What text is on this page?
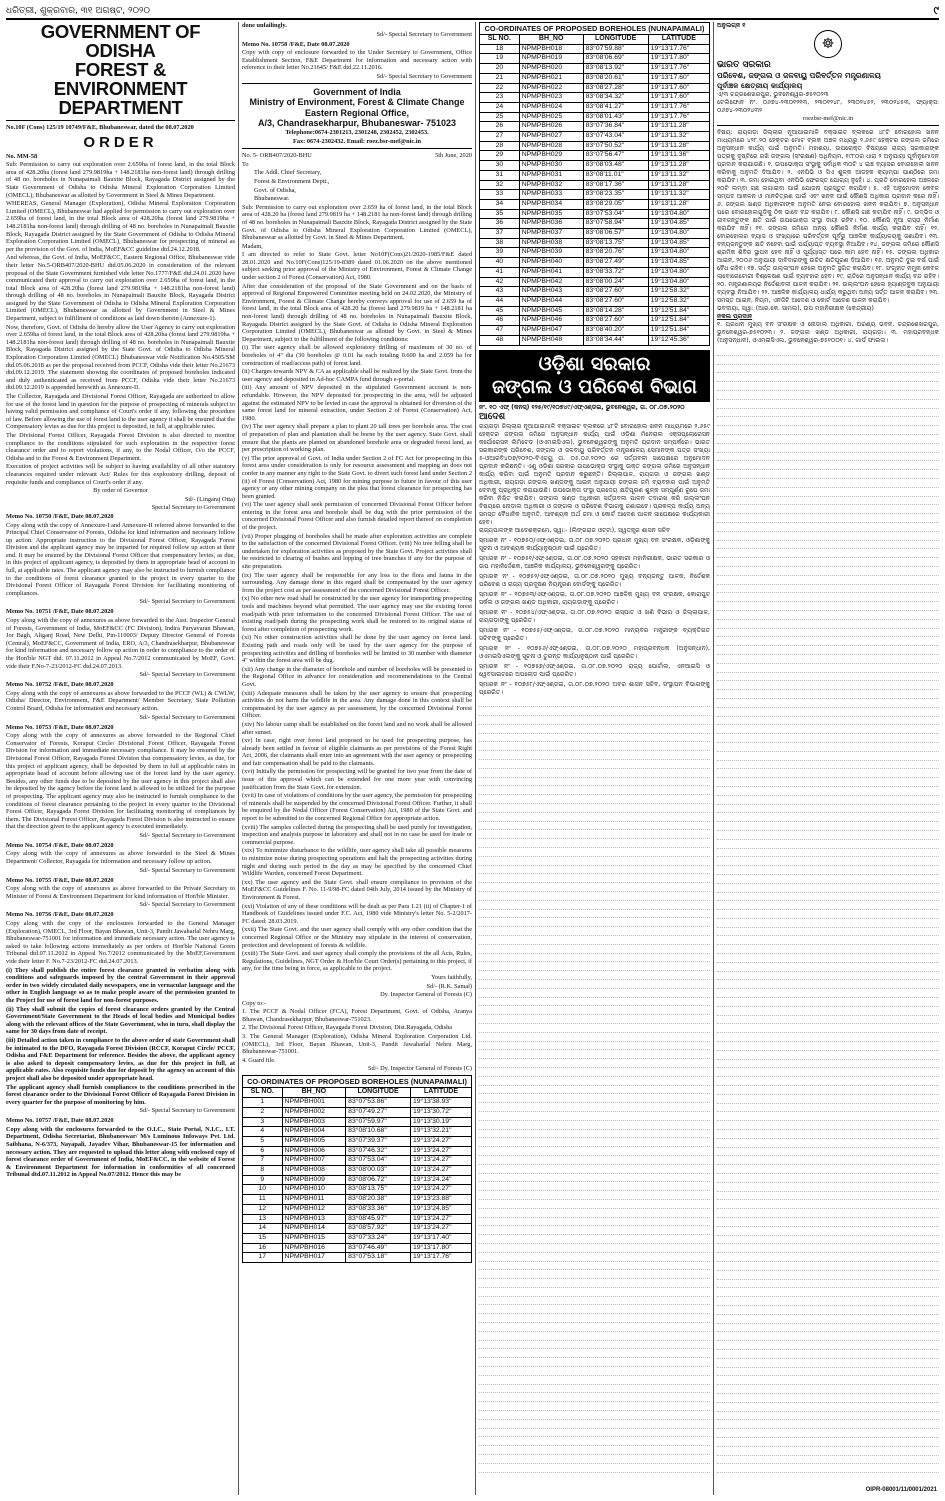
ଧରିତ୍ରୀ, ଶୁକ୍ରବାର, ୩୧ ଅଗଷ୍ଟ, ୨୦୨୦	୯
GOVERNMENT OF ODISHA
FOREST & ENVIRONMENT
DEPARTMENT

No.10F (Cons) 125/19 10749/F&E, Bhubaneswar, dated the 08.07.2020

ORDER

No. MM-58

Sub: Permission to carry out exploration over 2.659ha of forest land, in the total Block area of 428.20ha (forest land 279.9819ha + 148.2181ha non-forest land) through drilling of 48 no. boreholes in Nunapaimali Bauxite Block, Rayagada District assigned by the State Government of Odisha to Odisha Mineral Exploration Corporation Limited (OMECL), Bhubaneswar as allotted by Government in Steel & Mines Department.

WHEREAS, General Manager (Exploration), Odisha Mineral Exploration Corporation Limited (OMECL), Bhubaneswar had applied for permission to carry out exploration over 2.659ha of forest land, in the total Block area of 428.20ha (forest land 279.9819ha + 148.2181ha non-forest land) through drilling of 48 no. boreholes in Nunapaimali Bauxite Block, Rayagada District assigned by the State Government of Odisha to Odisha Mineral Exploration Corporation Limited (OMECL), Bhubaneswar for prospecting of mineral as per the provision of the Govt. of India, MoEF&CC guideline dtd.24.12.2018.

And whereas, the Govt. of India, MoEF&CC, Eastern Regional Office, Bhubaneswar vide their letter No.5-ORB407/2020-BHU dtd.05.06.2020 in consideration of the relevant proposal of the State Government furnished vide letter No.1777/F&E dtd.24.01.2020 have communicated their approval to carry out exploration over 2.659ha of forest land, in the total Block area of 428.20ha (forest land 279.9819ha + 148.2181ha non-forest land) through drilling of 48 no. boreholes in Nunapaimali Bauxite Block, Rayagada District assigned by the State Government of Odisha to Odisha Mineral Exploration Corporation Limited (OMECL), Bhubaneswar as allotted by Government in Steel & Mines Department, subject to fulfillment of conditions as laid down therein (Annexure-1).

Now, therefore, Govt. of Odisha do hereby allow the User Agency to carry out exploration over 2.659ha of forest land, in the total Block area of 428.20ha (forest land 279.9819ha + 148.2181ha non-forest land) through drilling of 48 no. boreholes in Nunapaimali Bauxite Block, Rayagada District assigned by the State Govt. of Odisha to Odisha Mineral Exploration Corporation Limited (OMECL) Bhubaneswar vide Notification No.4505/SM dtd.05.06.2018 as per the proposal received from PCCF, Odisha vide their letter No.21673 dtd.09.12.2019. The statement showing the coordinates of proposed boreholes indicated and duly authenticated as received from PCCF, Odisha vide their letter No.21673 dtd.09.12.2019 is appended herewith as Annexure-II.

The Collector, Rayagada and Divisional Forest Officer, Rayagada are authorized to allow for use of the forest land in question for the purpose of prospecting of minerals subject to having valid permission and compliance of Court's order if any, following due procedure of law. Before allowing the use of forest land to the user agency it shall be ensured that the Compensatory levies as due for this project is deposited, in full, at applicable rates.

The Divisional Forest Officer, Rayagada Forest Division is also directed to monitor compliance to the conditions stipulated for such exploration in the respective forest clearance order and to report violations, if any, to the Nodal Officer, O/o the PCCF, Odisha and to the Forest & Environment Department.

Execution of project activities will be subject to having availability of all other statutory clearances required under relevant Act/ Rules for this exploratory drilling, deposit of requisite funds and compliance of Court's order if any.

By order of Governor

Sd/- (Lingaraj Otta)

Special Secretary to Government

Memo No. 10750 /F&E, Date 08.07.2020

Copy along with the copy of Annexure-I and Annexure-II referred above forwarded to the Principal Chief Conservator of Forests, Odisha for kind information and necessary follow up action. Appropriate instruction to the Divisional Forest Officer, Rayagada Forest Division and the applicant agency may be imparted for required follow up action at their end. It may be ensured by the Divisional Forest Officer that compensatory levies, as due, in this project of applicant agency, is deposited by them in appropriate head of account in full, at applicable rates. The applicant agency may also be instructed to furnish compliance to the conditions of forest clearance granted to the project in every quarter to the Divisional Forest Officer of Rayagada Forest Division for facilitating monitoring of compliances.

Sd/- Special Secretary to Government

Memo No. 10751 /F&E, Date 08.07.2020

Copy along with the copy of annexures as above forwarded to the Asst. Inspector General of Forests, Government of India, MoEF&CC (FC Division), Indira Paryavaran Bhawan, Jor Bagh, Aliganj Road, New Delhi, Pin-110003/ Deputy Director General of Forests (Central), MoEF&CC, Government of India, ERO, A/3, Chandrasekharpur, Bhubaneswar for kind information and necessary follow up action in order to compliance to the order of the Hon'ble NGT dtd. 07.11.2012 in Appeal No.7/2012 communicated by MoEF, Govt. vide their F.No-7-23/2012-FC dtd.24.07.2013.

Sd/- Special Secretary to Government

Memo No. 10752 /F&E, Date 08.07.2020

Copy along with the copy of annexures as above forwarded to the PCCF (WL) & CWLW, Odisha/ Director, Environment, F&E Department/ Member Secretary, State Pollution Control Board, Odisha for information and necessary action.

Sd/- Special Secretary to Government

Memo No. 10753 /F&E, Date 08.07.2020

Copy along with the copy of annexures as above forwarded to the Regional Chief Conservator of Forests, Koraput Circle/ Divisional Forest Officer, Rayagada Forest Division for information and immediate necessary compliance. It may be ensured by the Divisional Forest Officer, Rayagada Forest Division that compensatory levies, as due, for this project of applicant agency, shall be deposited by them in full at applicable rates in appropriate head of account before allowing use of the forest land by the user agency. Besides, any other funds due to be deposited by the user agency in this project shall also be deposited by the agency before the forest land is allowed to be utilized for the purpose of prospecting. The applicant agency may also be instructed to furnish compliance to the conditions of forest clearance pertaining to the project in every quarter to the Divisional Forest Officer, Rayagada Forest Division for facilitating monitoring of compliances by them. The Divisional Forest Officer, Rayagada Forest Division is also instructed to ensure that the direction given to the applicant agency is executed immediately.

Sd/- Special Secretary to Government

Memo No. 10754 /F&E, Date 08.07.2020

Copy along with the copy of annexures as above forwarded to the Steel & Mines Department/ Collector, Rayagada for information and necessary follow up action.

Sd/- Special Secretary to Government

Memo No. 10755 /F&E, Date 08.07.2020

Copy along with the copy of annexures as above forwarded to the Private Secretary to Minister of Forest & Environment Department for kind information of Hon'ble Minister.

Sd/- Special Secretary to Government

Memo No. 10756 /F&E, Date 08.07.2020

Copy along with the copy of the enclosures forwarded to the General Manager (Exploration), OMECL, 3rd Floor, Bayan Bhawan, Unit-3, Pandit Jawaharlal Nehru Marg, Bhubaneswar-751001 for information and immediate necessary action. The user agency is asked to take following actions immediately as per orders of Hon'ble National Green Tribunal dtd.07.11.2012 in Appeal No.7/2012 communicated by the MoEF,Government vide their letter F. No.7-23/2012-FC dtd.24.07.2013.

(i) They shall publish the entire forest clearance granted in verbatim along with conditions and safeguards imposed by the central Government in their approval order in two widely circulated daily newspapers, one in vernacular language and the other in English language so as to make people aware of the permission granted to the Project for use of forest land for non-forest purposes.

(ii) They shall submit the copies of forest clearance orders granted by the Central Government/State Government to the Heads of local bodies and Municipal bodies along with the relevant offices of the State Government, who in turn, shall display the same for 30 days from date of receipt.

(iii) Detailed action taken in compliance to the above order of state Government shall be intimated to the DFO, Rayagada Forest Division (RCCF, Koraput Circle/ PCCF, Odisha and F&E Department for reference. Besides the above, the applicant agency is also asked to deposit compensatory levies, as due for this project in full, at applicable rates. Also requisite funds due for deposit by the agency on account of this project shall also be deposited under appropriate head.

The applicant agency shall furnish compliances to the conditions prescribed in the forest clearance order to the Divisional Forest Officer of Rayagada Forest Division in every quarter for the purpose of monitoring by him.

Sd/- Special Secretary to Government

Memo No. 10757 /F&E, Date 08.07.2020

Copy along with the enclosures forwarded to the O.I.C., State Portal, N.I.C., I.T. Department, Odisha Secretariat, Bhubaneswar/ M/s Luminous Infoways Pvt. Ltd. Saibhana, N-6/373, Nayapali, Jayadev Vihar, Bhubaneswar-15 for information and necessary action. They are requested to upload this letter along with enclosed copy of forest clearance order of Government of India, MoEF&CC, in the website of Forest & Environment Department for information in conformities of all concerned Tribunal dtd.07.11.2012 in Appeal No.07/2012. Hence this may be

done unfailingly.

Sd/- Special Secretary to Government

Memo No. 10758 /F&E, Date 08.07.2020

Copy with copy of enclosure forwarded to the Under Secretary to Government, Office Establishment Section, F&E Department for information and necessary action with reference to their letter No.21645/ F&E dtd.22.11.2016.

Sd/- Special Secretary to Government

Government of India
Ministry of Environment, Forest & Climate Change
Eastern Regional Office,
A/3, Chandrasekharpur, Bhubaneswar- 751023

Telephone:0674-2301213, 2301248, 2302452, 2302453.

Fax: 0674-2302432. Email: roez.bsr-mef@nic.in

No. 5- ORB407/2020-BHU	5th June, 2020

To

The Addl. Chief Secretary,

Forest & Environment Deptt.,

Govt. of Odisha,

Bhubaneswar.

Sub: Permission to carry out exploration over 2.659 ha of forest land, in the total Block area of 428.20 ha (forest land 279.9819 ha + 148.2181 ha non-forest land) through drilling of 48 no. boreholes in Nunapaimali Bauxite Block, Rayagada District assigned by the State Govt. of Odisha to Odisha Mineral Exploration Corporation Limited (OMECL), Bhubaneswar as allotted by Govt. in Steel & Mines Department.

Madam,

I am directed to refer to State Govt. letter No10F(Cons)21/2020-1985/F&E dated 28.01.2020 and No.10F(Cons)125/19-8389 dated 01.06.2020 on the above mentioned subject seeking prior approval of the Ministry of Environment, Forest & Climate Change under section 2 of Forest (Conservation) Act, 1980.

After due consideration of the proposal of the State Government and on the basis of approval of Regional Empowered Committee meeting held on 24.02.2020, the Ministry of Environment, Forest & Climate Change hereby conveys approval for use of 2.659 ha of forest land, in the total Block area of 428.20 ha (forest land 279.9819 ha + 148.2181 ha non-forest land) through drilling of 48 no. boreholes in Nunapaimali Bauxite Block, Rayagada District assigned by the State Govt. of Odisha to Odisha Mineral Exploration Corporation Limited (OMECL), Bhubaneswar as allotted by Govt. in Steel & Mines Department, subject to the fulfillment of the following conditions:

(i) The user agency shall be allowed exploratory drilling of maximum of 30 no. of boreholes of 4" dia (30 boreholes @ 0.01 ha each totaling 0.600 ha and 2.059 ha for construction of road/access path) of forest land.

(ii) Charges towards NPV & CA as applicable shall be realized by the State Govt. from the user agency and deposited in Ad-hoc CAMPA fund through e-portal.

(iii) Any amount of NPV deposited in the stipulated Government account is non-refundable. However, the NPV deposited for prospecting in the area, will be adjusted against the estimated NPV to be levied in case the approval is obtained for diversion of the same forest land for mineral extraction, under Section 2 of Forest (Conservation) Act, 1980.

(iv) The user agency shall prepare a plan to plant 20 tall trees per borehole area. The cost of preparation of plan and plantation shall be borne by the user agency. State Govt. shall ensure that the plants are planted on abandoned borehole area or degraded forest land, as per prescription of working plan.

(v) The prior approval of Govt. of India under Section 2 of FC Act for prospecting in this forest area under consideration is only for resource assessment and mapping an does not confer in any manner any right to the State Govt. to divert such forest land under Section 2 (ii) of Forest (Conservation) Act, 1980 for mining purpose in future in favour of this user agency or any other mining company on the plea that forest clearance for prospecting has been granted.

(vi) The user agency shall seek permission of concerned Divisional Forest Officer before entering in the forest area and borehole shall be dug with the prior permission of the concerned Divisional Forest Officer and also furnish detailed report thereof on completion of the project.

(vii) Proper plugging of boreholes shall be made after exploration activities are complete to the satisfaction of the concerned Divisional Forest Officer. (viii) No tree felling shall be undertaken for exploration activities as proposed by the State Govt. Project activities shall be restricted to clearing of bushes and lopping of tree branches if any for the purpose of site preparation.

(ix) The user agency shall be responsible for any loss to the flora and fauna in the surrounding. Any damage done in this regard shall be compensated by the user agency from the project cost as per assessment of the concerned Divisional Forest Officer.

(x) No other new road shall be constructed by the user agency for transporting prospecting tools and machines beyond what permitted. The user agency may use the existing forest road/path with prior information to the concerned Divisional Forest Officer. The use of existing road/path during the prospecting work shall be restored to its original status of forest after completion of prospecting work.

(xi) No other construction activities shall be done by the user agency on forest land. Existing path and roads only will be used by the user agency for the purpose of prospecting activities and drilling of boreholes will be limited to 30 number with diameter 4" within the forest area will be dug.

(xii) Any change in the diameter of borehole and number of boreholes will be presented to the Regional Office in advance for consideration and recommendations to the Central Govt.

(xiii) Adequate measures shall be taken by the user agency to ensure that prospecting activities do not harm the wildlife in the area. Any damage done in this context shall be compensated by the user agency as per assessment, by the concerned Divisional Forest Officer.

(xiv) No labour camp shall be established on the forest land and no work shall be allowed after sunset.

(xv) In case, right over forest land proposed to be used for prospecting purpose, has already been settled in favour of eligible claimants as per provisions of the Forest Right Act, 2006, the claimants shall enter into an agreement with the user agency or prospecting and fair compensation shall be paid to the claimants.

(xvi) Initially the permission for prospecting will be granted for two year from the date of issue of this approval which can be extended for one more year with convincing justification from the State Govt. for extension.

(xvii) In case of violations of conditions by the user agency, the permission for prospecting of minerals shall be suspended by the concerned Divisional Forest Officer. Further, it shall be enquired by the Nodal Officer (Forest Conservation) Act, 1980 of the State Govt. and report to be submitted to the concerned Regional Office for appropriate action.

(xviii) The samples collected during the prospecting shall be used purely for investigation, inspection and analysis purpose in laboratory and shall not in no case be used for trade or commercial purpose.

(xix) To minimize disturbance to the wildlife, user agency shall take all possible measures to minimize noise during prospecting operations and halt the prospecting activities during night and during such period in the day as may be specified by the concerned Chief Wildlife Warden, concerned Forest Department.

(xx) The user agency and the State Govt. shall ensure compliance to provision of the MoEF&CC Guidelines F. No. 11-9/98-FC dated 04th July, 2014 issued by the Ministry of Environment & Forest.

(xxi) Violation of any of these conditions will be dealt as per Para 1.21 (ii) of Chapter-1 of Handbook of Guidelines issued under F.C. Act, 1980 vide Ministry's letter No. 5-2/2017-FC dated: 28.03.2019.

(xxii) The State Govt. and the user agency shall comply with any other condition that the concerned Regional Office or the Ministry may stipulate in the interest of conservation, protection and development of forests & wildlife.

(xxiii) The State Govt. and user agency shall comply the provisions of the all Acts, Rules, Regulations, Guidelines, NGT Order & Hon'ble Court Order(s) pertaining to this project, if any, for the time being in force, as applicable to the project.

Yours faithfully,

Sd/- (R.K. Samal)

Dy. Inspector General of Forests (C)

Copy to:-

1. The PCCF & Nodal Officer (FCA), Forest Department, Govt. of Odisha, Aranya Bhawan, Chandrasekharpur, Bhubaneswar-751023.

2. The Divisional Forest Officer, Rayagada Forest Division, Dist.Rayagada, Odisha

3. The General Manager (Exploration), Odisha Mineral Exploration Corporation Ltd. (OMECL), 3rd Floor, Bayan Bhawan, Unit-3, Pandit Jawaharlal Nehru Marg, Bhubaneswar-751001.

4. Guard file.

Sd/- Dy. Inspector General of Forests (C)

CO-ORDINATES OF PROPOSED BOREHOLES (NUNAPAIMALI)
SL NO.	BH_NO	LONGITUDE	LATITUDE
1	NPMPBH001	83°07'53.86"	19°13'38.93"
2	NPMPBH002	83°07'49.27"	19°13'30.72"
3	NPMPBH003	83°07'59.97"	19°13'30.19"
4	NPMPBH004	83°08'10.68"	19°13'32.21"
5	NPMPBH005	83°07'39.37"	19°13'24.27"
6	NPMPBH006	83°07'46.32"	19°13'24.27"
7	NPMPBH007	83°07'53.04"	19°13'24.27"
8	NPMPBH008	83°08'00.03"	19°13'24.27"
9	NPMPBH009	83°08'06.72"	19°13'24.24"
10	NPMPBH010	83°08'13.75"	19°13'24.27"
11	NPMPBH011	83°08'20.38"	19°13'23.88"
12	NPMPBH012	83°08'33.36"	19°13'24.85"
13	NPMPBH013	83°08'45.97"	19°13'24.27"
14	NPMPBH014	83°08'57.92"	19°13'24.27"
15	NPMPBH015	83°07'33.24"	19°13'17.40"
16	NPMPBH016	83°07'46.49"	19°13'17.80"
17	NPMPBH017	83°07'53.18"	19°13'17.76"
CO-ORDINATES OF PROPOSED BOREHOLES (NUNAPAIMALI)
SL NO.	BH_NO	LONGITUDE	LATITUDE
18	NPMPBH018	83°07'59.88"	19°13'17.76"
19	NPMPBH019	83°08'06.69"	19°13'17.80"
20	NPMPBH020	83°08'13.92"	19°13'17.76"
21	NPMPBH021	83°08'20.61"	19°13'17.60"
22	NPMPBH022	83°08'27.28"	19°13'17.60"
23	NPMPBH023	83°08'34.32"	19°13'17.60"
24	NPMPBH024	83°08'41.27"	19°13'17.76"
25	NPMPBH025	83°08'01.43"	19°13'17.76"
26	NPMPBH026	83°07'36.84"	19°13'11.28"
27	NPMPBH027	83°07'43.04"	19°13'11.32"
28	NPMPBH028	83°07'50.52"	19°13'11.28"
29	NPMPBH029	83°07'56.47"	19°13'11.36"
30	NPMPBH030	83°08'03.48"	19°13'11.28"
31	NPMPBH031	83°08'11.01"	19°13'11.32"
32	NPMPBH032	83°08'17.36"	19°13'11.28"
33	NPMPBH033	83°08'23.35"	19°13'11.32"
34	NPMPBH034	83°08'29.05"	19°13'11.28"
35	NPMPBH035	83°07'53.04"	19°13'04.80"
36	NPMPBH036	83°07'58.94"	19°13'04.85"
37	NPMPBH037	83°08'06.57"	19°13'04.80"
38	NPMPBH038	83°08'13.75"	19°13'04.85"
39	NPMPBH039	83°08'20.76"	19°13'04.80"
40	NPMPBH040	83°08'27.49"	19°13'04.85"
41	NPMPBH041	83°08'33.72"	19°13'04.80"
42	NPMPBH042	83°08'00.24"	19°13'04.80"
43	NPMPBH043	83°08'27.60"	19°12'58.32"
44	NPMPBH044	83°08'27.60"	19°12'58.32"
45	NPMPBH045	83°08'14.28"	19°12'51.84"
46	NPMPBH046	83°08'27.60"	19°12'51.84"
47	NPMPBH047	83°08'40.20"	19°12'51.84"
48	NPMPBH048	83°08'34.44"	19°12'45.36"
ଓଡ଼ିଶା ସରକାର
ଜଙ୍ଗଲ ଓ ପରିବେଶ ବିଭାଗ

ନଂ. ୧୦ ଏଫ୍ (କନସ୍) ୧୨୫/୧୯/୧୦୭୪୯/ଏଫ୍ଏଣ୍ଡଇ, ଭୁବନେଶ୍ୱର, ତା. ୦୮.୦୭.୨୦୨୦

ଆଦେଶ

ରାୟଗଡ଼ା ଜିଲ୍ଲାର ନୂଆପାଇମାଳି ବକ୍ସାଇଟ ବ୍ଲକରେ ୪୮ଟି ବୋରହୋଲ ଖନନ ମାଧ୍ୟମରେ ୨.୬୫୯ ହେକ୍ଟର ଜଙ୍ଗଲ ଜମିରେ ଅନୁସନ୍ଧାନ କାର୍ଯ୍ୟ ପାଇଁ ଓଡ଼ିଶା ମିନେରାଲ ଏକ୍ସପ୍ଲୋରେସନ କର୍ପୋରେସନ ଲିମିଟେଡ (ଓଏମଇସିଏଲ), ଭୁବନେଶ୍ୱରଙ୍କୁ ଅନୁମତି ପ୍ରଦାନ ସମ୍ପର୍କରେ। ଭାରତ ସରକାରଙ୍କ ପରିବେଶ, ଜଙ୍ଗଲ ଓ ଜଳବାୟୁ ପରିବର୍ତ୍ତନ ମନ୍ତ୍ରଣାଳୟ ସେମାନଙ୍କ ପତ୍ର ସଂଖ୍ୟା ୫-ଓଆରବି୪୦୭/୨୦୨୦-ବିଏଚୟୁ ତା. ୦୫.୦୬.୨୦୨୦ ରେ ସର୍ତ୍ତାବଳୀ ସାପେକ୍ଷରେ ଅନୁମୋଦନ ପ୍ରଦାନ କରିଛନ୍ତି। ଏଣୁ ଓଡ଼ିଶା ସରକାର ଉପଭୋକ୍ତା ସଂସ୍ଥାକୁ ଉକ୍ତ ଜଙ୍ଗଲ ଜମିରେ ଅନୁସନ୍ଧାନ କାର୍ଯ୍ୟ କରିବା ପାଇଁ ଅନୁମତି ପ୍ରଦାନ କରୁଛନ୍ତି। ଜିଲ୍ଲାପାଳ, ରାୟଗଡ଼ା ଓ ଜଙ୍ଗଲ ଖଣ୍ଡ ଅଧିକାରୀ, ରାୟଗଡ଼ା ଜଙ୍ଗଲ ଖଣ୍ଡଙ୍କୁ ଆଇନ ଅନୁଯାୟୀ ଜଙ୍ଗଲ ଜମି ବ୍ୟବହାର ପାଇଁ ଅନୁମତି ଦେବାକୁ ପ୍ରାଧିକୃତ କରାଯାଉଛି। ଉପଭୋକ୍ତା ସଂସ୍ଥା ପ୍ରଦେୟ କ୍ଷତିପୂରଣ ଶୁଳ୍କ ସମ୍ପୂର୍ଣ୍ଣ ରୂପେ ଜମା କରିବା ନିଶ୍ଚିତ କରାଯିବ। ଜଙ୍ଗଲ ଖଣ୍ଡ ଅଧିକାରୀ ସର୍ତ୍ତାବଳୀ ପାଳନ ତଦାରଖ କରି ଉଲ୍ଲଂଘନ ବିଷୟରେ ନୋଡାଲ ଅଧିକାରୀ ଓ ଜଙ୍ଗଲ ଓ ପରିବେଶ ବିଭାଗକୁ ଜଣାଇବେ। ପ୍ରକଳ୍ପ କାର୍ଯ୍ୟ ଅନ୍ୟ ସମସ୍ତ ବୈଧାନିକ ଅନୁମତି, ଆବଶ୍ୟକ ଅର୍ଥ ଜମା ଓ କୋର୍ଟ ଆଦେଶ ପାଳନ ସାପେକ୍ଷରେ କାର୍ଯ୍ୟକାରୀ ହେବ।

ରାଜ୍ୟପାଳଙ୍କ ଆଦେଶକ୍ରମେ, ସ୍ୱା:- (ଲିଙ୍ଗରାଜ ଓଟ୍ଟା), ସ୍ୱତନ୍ତ୍ର ଶାସନ ସଚିବ

ସ୍ମାରକ ନଂ - ୧୦୭୫୦/ଏଫ୍ଏଣ୍ଡଇ, ତା.୦୮.୦୭.୨୦୨୦ ପ୍ରଧାନ ମୁଖ୍ୟ ବନ ସଂରକ୍ଷକ, ଓଡ଼ିଶାଙ୍କୁ ସୂଚନା ଓ ଆବଶ୍ୟକ କାର୍ଯ୍ୟାନୁଷ୍ଠାନ ପାଇଁ ପ୍ରେରିତ।

ସ୍ମାରକ ନଂ - ୧୦୭୫୧/ଏଫ୍ଏଣ୍ଡଇ, ତା.୦୮.୦୭.୨୦୨୦ ସହକାରୀ ମହାନିରୀକ୍ଷକ, ଭାରତ ସରକାର ଓ ଉପ ମହାନିର୍ଦ୍ଦେଶକ, ଆଞ୍ଚଳିକ କାର୍ଯ୍ୟାଳୟ, ଭୁବନେଶ୍ୱରଙ୍କୁ ପ୍ରେରିତ।

ସ୍ମାରକ ନଂ - ୧୦୭୫୨/ଏଫ୍ଏଣ୍ଡଇ, ତା.୦୮.୦୭.୨୦୨୦ ମୁଖ୍ୟ ବନ୍ୟଜନ୍ତୁ ପାଳକ, ନିର୍ଦ୍ଦେଶକ ପରିବେଶ ଓ ରାଜ୍ୟ ପ୍ରଦୂଷଣ ନିୟନ୍ତ୍ରଣ ବୋର୍ଡଙ୍କୁ ପ୍ରେରିତ।

ସ୍ମାରକ ନଂ - ୧୦୭୫୩/ଏଫ୍ଏଣ୍ଡଇ, ତା.୦୮.୦୭.୨୦୨୦ ଆଞ୍ଚଳିକ ମୁଖ୍ୟ ବନ ସଂରକ୍ଷକ, କୋରାପୁଟ ସର୍କଲ ଓ ଜଙ୍ଗଲ ଖଣ୍ଡ ଅଧିକାରୀ, ରାୟଗଡ଼ାଙ୍କୁ ପ୍ରେରିତ।

ସ୍ମାରକ ନଂ - ୧୦୭୫୪/ଏଫ୍ଏଣ୍ଡଇ, ତା.୦୮.୦୭.୨୦୨୦ ଇସ୍ପାତ ଓ ଖଣି ବିଭାଗ ଓ ଜିଲ୍ଲାପାଳ, ରାୟଗଡ଼ାଙ୍କୁ ପ୍ରେରିତ।

ସ୍ମାରକ ନଂ - ୧୦୭୫୫/ଏଫ୍ଏଣ୍ଡଇ, ତା.୦୮.୦୭.୨୦୨୦ ମାନ୍ୟବର ମନ୍ତ୍ରୀଙ୍କ ବ୍ୟକ୍ତିଗତ ସଚିବଙ୍କୁ ପ୍ରେରିତ।

ସ୍ମାରକ ନଂ - ୧୦୭୫୬/ଏଫ୍ଏଣ୍ଡଇ, ତା.୦୮.୦୭.୨୦୨୦ ମହାପ୍ରବନ୍ଧକ (ଅନୁସନ୍ଧାନ), ଓଏମଇସିଏଲଙ୍କୁ ସୂଚନା ଓ ତୁରନ୍ତ କାର୍ଯ୍ୟାନୁଷ୍ଠାନ ପାଇଁ ପ୍ରେରିତ।

ସ୍ମାରକ ନଂ - ୧୦୭୫୭/ଏଫ୍ଏଣ୍ଡଇ, ତା.୦୮.୦୭.୨୦୨୦ ରାଜ୍ୟ ପୋର୍ଟାଲ, ଏନଆଇସି ଓ ୱେବସାଇଟରେ ଅପଲୋଡ ପାଇଁ ପ୍ରେରିତ।

ସ୍ମାରକ ନଂ - ୧୦୭୫୮/ଏଫ୍ଏଣ୍ଡଇ, ତା.୦୮.୦୭.୨୦୨୦ ଅବର ଶାସନ ସଚିବ, ସଂସ୍ଥାପନ ବିଭାଗଙ୍କୁ ପ୍ରେରିତ।

ଅନୁଲଗ୍ନ ୧

☸

ଭାରତ ସରକାର

ପରିବେଶ, ଜଙ୍ଗଲ ଓ ଜଳବାୟୁ ପରିବର୍ତ୍ତନ ମନ୍ତ୍ରଣାଳୟ

ପୂର୍ବାଞ୍ଚଳ କ୍ଷେତ୍ରୀୟ କାର୍ଯ୍ୟାଳୟ

ଏ/୩ ଚନ୍ଦ୍ରଶେଖରପୁର, ଭୁବନେଶ୍ୱର-୭୫୧୦୨୩

ଟେଲିଫୋନ ନଂ. ୦୬୭୪-୨୩୦୧୨୧୩, ୨୩୦୧୨୪୮, ୨୩୦୨୪୫୨, ୨୩୦୨୪୫୩, ଫ୍ୟାକ୍ସ: ୦୬୭୪-୨୩୦୨୪୩୨

roezbsr-mef@nic.in

ବିଷୟ: ରାୟଗଡ଼ା ଜିଲ୍ଲାର ନୂଆପାଇମାଳି ବକ୍ସାଇଟ ବ୍ଲକରେ ୪୮ଟି ବୋରହୋଲ ଖନନ ମାଧ୍ୟମରେ ୪୨୮.୨୦ ହେକ୍ଟର ମୋଟ ବ୍ଲକ ଅଞ୍ଚଳ ମଧ୍ୟରୁ ୨.୬୫୯ ହେକ୍ଟର ଜଙ୍ଗଲ ଜମିରେ ଅନୁସନ୍ଧାନ କାର୍ଯ୍ୟ ପାଇଁ ଅନୁମତି। ମହାଶୟା, ଉପରୋକ୍ତ ବିଷୟରେ ରାଜ୍ୟ ସରକାରଙ୍କ ପତ୍ରକୁ ଦୃଷ୍ଟିରେ ରଖି ଜଙ୍ଗଲ (ସଂରକ୍ଷଣ) ଅଧିନିୟମ, ୧୯୮୦ର ଧାରା ୨ ଅନୁଯାୟୀ ପୂର୍ବାନୁମୋଦନ ପ୍ରଦାନ କରାଯାଉଛି। ୧. ଉପଭୋକ୍ତା ସଂସ୍ଥାକୁ ସର୍ବାଧିକ ୩୦ଟି ୪ ଇଞ୍ଚ ବ୍ୟାସର ବୋରହୋଲ ଖନନ କରିବାକୁ ଅନୁମତି ଦିଆଯିବ। ୨. ଏନପିଭି ଓ ସିଏ ଶୁଳ୍କ ଆଡହକ କ୍ୟାମ୍ପା ପାଣ୍ଠିରେ ଜମା କରାଯିବ। ୩. ଜମା ହୋଇଥିବା ଏନପିଭି ଫେରସ୍ତ ଯୋଗ୍ୟ ନୁହେଁ। ୪. ପ୍ରତି ବୋରହୋଲ ଅଞ୍ଚଳରେ ୨୦ଟି ଲମ୍ବା ଗଛ ଲଗାଇବା ପାଇଁ ଯୋଜନା ପ୍ରସ୍ତୁତ କରାଯିବ। ୫. ଏହି ଅନୁମୋଦନ କେବଳ ସମ୍ପଦ ଆକଳନ ଓ ମାନଚିତ୍ରଣ ପାଇଁ ଏବଂ ଖନନ ପାଇଁ କୌଣସି ଅଧିକାର ପ୍ରଦାନ କରେ ନାହିଁ। ୬. ଜଙ୍ଗଲ ଖଣ୍ଡ ଅଧିକାରୀଙ୍କ ଅନୁମତି ନେଇ ବୋରହୋଲ ଖନନ କରାଯିବ। ୭. ଅନୁସନ୍ଧାନ ପରେ ବୋରହୋଲଗୁଡ଼ିକୁ ଠିକ ଭାବେ ବନ୍ଦ କରାଯିବ। ୮. କୌଣସି ଗଛ କଟାଯିବ ନାହିଁ। ୯. ଉଦ୍ଭିଦ ଓ ଜୀବଜନ୍ତୁଙ୍କ କ୍ଷତି ପାଇଁ ଉପଭୋକ୍ତା ସଂସ୍ଥା ଦାୟୀ ରହିବ। ୧୦. କୌଣସି ନୂଆ ରାସ୍ତା ନିର୍ମାଣ କରାଯିବ ନାହିଁ। ୧୧. ଜଙ୍ଗଲ ଜମିରେ ଅନ୍ୟ କୌଣସି ନିର୍ମାଣ କାର୍ଯ୍ୟ କରାଯିବ ନାହିଁ। ୧୨. ବୋରହୋଲର ବ୍ୟାସ ଓ ସଂଖ୍ୟାରେ ପରିବର୍ତ୍ତନ ପୂର୍ବରୁ ଆଞ୍ଚଳିକ କାର୍ଯ୍ୟାଳୟକୁ ଜଣାଯିବ। ୧୩. ବନ୍ୟଜନ୍ତୁଙ୍କ କ୍ଷତି ନହେବା ପାଇଁ ପର୍ଯ୍ୟାପ୍ତ ବ୍ୟବସ୍ଥା ନିଆଯିବ। ୧୪. ଜଙ୍ଗଲ ଜମିରେ କୌଣସି ଶ୍ରମିକ ଶିବିର ସ୍ଥାପନ ହେବ ନାହିଁ ଓ ସୂର୍ଯ୍ୟାସ୍ତ ପରେ କାମ ହେବ ନାହିଁ। ୧୫. ଜଙ୍ଗଲ ଅଧିକାର ଆଇନ, ୨୦୦୬ ଅନୁଯାୟୀ ଦାବିଦାରଙ୍କୁ ଉଚିତ କ୍ଷତିପୂରଣ ଦିଆଯିବ। ୧୬. ଅନୁମତି ଦୁଇ ବର୍ଷ ପାଇଁ ବୈଧ ରହିବ। ୧୭. ସର୍ତ୍ତ ଉଲ୍ଲଂଘନ ହେଲେ ଅନୁମତି ସ୍ଥଗିତ କରାଯିବ। ୧୮. ସଂଗୃହୀତ ନମୁନା କେବଳ ଲାବୋରେଟୋରୀ ବିଶ୍ଳେଷଣ ପାଇଁ ବ୍ୟବହାର ହେବ। ୧୯. ରାତିରେ ଅନୁସନ୍ଧାନ କାର୍ଯ୍ୟ ବନ୍ଦ ରହିବ। ୨୦. ମନ୍ତ୍ରଣାଳୟର ନିର୍ଦ୍ଦେଶାବଳୀ ପାଳନ କରାଯିବ। ୨୧. ଉଲ୍ଲଂଘନ ହେଲେ ହ୍ୟାଣ୍ଡବୁକ ଅନୁଯାୟୀ ବ୍ୟବସ୍ଥା ନିଆଯିବ। ୨୨. ଆଞ୍ଚଳିକ କାର୍ଯ୍ୟାଳୟ ଧାର୍ଯ୍ୟ କରୁଥିବା ଅନ୍ୟ ସର୍ତ୍ତ ପାଳନ କରାଯିବ। ୨୩. ସମସ୍ତ ଆଇନ, ନିୟମ, ଏନଜିଟି ଆଦେଶ ଓ କୋର୍ଟ ଆଦେଶ ପାଳନ କରାଯିବ।

ଭବଦୀୟା, ସ୍ୱା: (ଆର.କେ. ସାମଲ), ଉପ ମହାନିରୀକ୍ଷକ (କେନ୍ଦ୍ରୀୟ)

ନକଲ ପ୍ରଦାନ

୧. ପ୍ରଧାନ ମୁଖ୍ୟ ବନ ସଂରକ୍ଷକ ଓ ନୋଡାଲ ଅଧିକାରୀ, ଅରଣ୍ୟ ଭବନ, ଚନ୍ଦ୍ରଶେଖରପୁର, ଭୁବନେଶ୍ୱର-୭୫୧୦୨୩। ୨. ଜଙ୍ଗଲ ଖଣ୍ଡ ଅଧିକାରୀ, ରାୟଗଡ଼ା। ୩. ମହାପ୍ରବନ୍ଧକ (ଅନୁସନ୍ଧାନ), ଓଏମଇସିଏଲ, ଭୁବନେଶ୍ୱର-୭୫୧୦୦୧। ୪. ଗାର୍ଡ ଫାଇଲ।

OIPR-08001/11/0001/2021
